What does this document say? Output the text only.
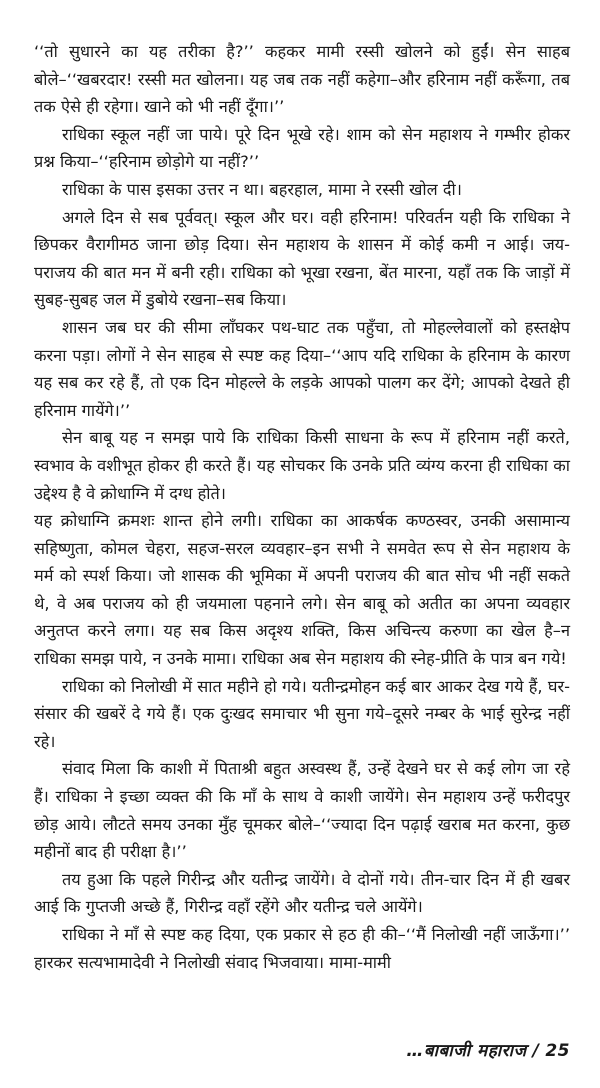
‘‘तो सुधारने का यह तरीका है?’’ कहकर मामी रस्सी खोलने को हुईं। सेन साहब बोले–‘‘खबरदार! रस्सी मत खोलना। यह जब तक नहीं कहेगा–और हरिनाम नहीं करूँगा, तब तक ऐसे ही रहेगा। खाने को भी नहीं दूँगा।’’

राधिका स्कूल नहीं जा पाये। पूरे दिन भूखे रहे। शाम को सेन महाशय ने गम्भीर होकर प्रश्न किया–‘‘हरिनाम छोड़ोगे या नहीं?’’

राधिका के पास इसका उत्तर न था। बहरहाल, मामा ने रस्सी खोल दी।

अगले दिन से सब पूर्ववत्। स्कूल और घर। वही हरिनाम! परिवर्तन यही कि राधिका ने छिपकर वैरागीमठ जाना छोड़ दिया। सेन महाशय के शासन में कोई कमी न आई। जय-पराजय की बात मन में बनी रही। राधिका को भूखा रखना, बेंत मारना, यहाँ तक कि जाड़ों में सुबह-सुबह जल में डुबोये रखना–सब किया।

शासन जब घर की सीमा लाँघकर पथ-घाट तक पहुँचा, तो मोहल्लेवालों को हस्तक्षेप करना पड़ा। लोगों ने सेन साहब से स्पष्ट कह दिया–‘‘आप यदि राधिका के हरिनाम के कारण यह सब कर रहे हैं, तो एक दिन मोहल्ले के लड़के आपको पालग कर देंगे; आपको देखते ही हरिनाम गायेंगे।’’

सेन बाबू यह न समझ पाये कि राधिका किसी साधना के रूप में हरिनाम नहीं करते, स्वभाव के वशीभूत होकर ही करते हैं। यह सोचकर कि उनके प्रति व्यंग्य करना ही राधिका का उद्देश्य है वे क्रोधाग्नि में दग्ध होते।

यह क्रोधाग्नि क्रमशः शान्त होने लगी। राधिका का आकर्षक कण्ठस्वर, उनकी असामान्य सहिष्णुता, कोमल चेहरा, सहज-सरल व्यवहार–इन सभी ने समवेत रूप से सेन महाशय के मर्म को स्पर्श किया। जो शासक की भूमिका में अपनी पराजय की बात सोच भी नहीं सकते थे, वे अब पराजय को ही जयमाला पहनाने लगे। सेन बाबू को अतीत का अपना व्यवहार अनुतप्त करने लगा। यह सब किस अदृश्य शक्ति, किस अचिन्त्य करुणा का खेल है–न राधिका समझ पाये, न उनके मामा। राधिका अब सेन महाशय की स्नेह-प्रीति के पात्र बन गये!

राधिका को निलोखी में सात महीने हो गये। यतीन्द्रमोहन कई बार आकर देख गये हैं, घर-संसार की खबरें दे गये हैं। एक दुःखद समाचार भी सुना गये–दूसरे नम्बर के भाई सुरेन्द्र नहीं रहे।

संवाद मिला कि काशी में पिताश्री बहुत अस्वस्थ हैं, उन्हें देखने घर से कई लोग जा रहे हैं। राधिका ने इच्छा व्यक्त की कि माँ के साथ वे काशी जायेंगे। सेन महाशय उन्हें फरीदपुर छोड़ आये। लौटते समय उनका मुँह चूमकर बोले–‘‘ज्यादा दिन पढ़ाई खराब मत करना, कुछ महीनों बाद ही परीक्षा है।’’

तय हुआ कि पहले गिरीन्द्र और यतीन्द्र जायेंगे। वे दोनों गये। तीन-चार दिन में ही खबर आई कि गुप्तजी अच्छे हैं, गिरीन्द्र वहाँ रहेंगे और यतीन्द्र चले आयेंगे।

राधिका ने माँ से स्पष्ट कह दिया, एक प्रकार से हठ ही की–‘‘मैं निलोखी नहीं जाऊँगा।’’ हारकर सत्यभामादेवी ने निलोखी संवाद भिजवाया। मामा-मामी

…बाबाजी महाराज / 25
